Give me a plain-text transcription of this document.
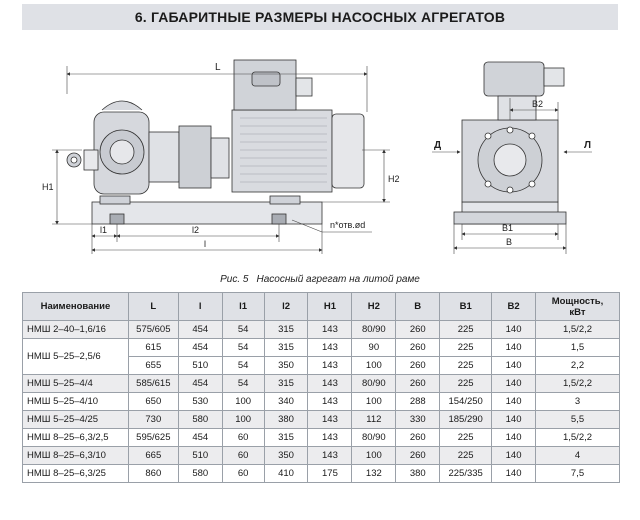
6. ГАБАРИТНЫЕ РАЗМЕРЫ НАСОСНЫХ АГРЕГАТОВ
L
H1
H2
l1	l2
l
n*отв.ød
B
B1
B2
Д	Л
Рис. 5 Насосный агрегат на литой раме
Наименование	L	l	l1	l2	H1	H2	B	B1	B2	Мощность,
кВт
НМШ 2–40–1,6/16	575/605	454	54	315	143	80/90	260	225	140	1,5/2,2
НМШ 5–25–2,5/6	615	454	54	315	143	90	260	225	140	1,5
	655	510	54	350	143	100	260	225	140	2,2
НМШ 5–25–4/4	585/615	454	54	315	143	80/90	260	225	140	1,5/2,2
НМШ 5–25–4/10	650	530	100	340	143	100	288	154/250	140	3
НМШ 5–25–4/25	730	580	100	380	143	112	330	185/290	140	5,5
НМШ 8–25–6,3/2,5	595/625	454	60	315	143	80/90	260	225	140	1,5/2,2
НМШ 8–25–6,3/10	665	510	60	350	143	100	260	225	140	4
НМШ 8–25–6,3/25	860	580	60	410	175	132	380	225/335	140	7,5
